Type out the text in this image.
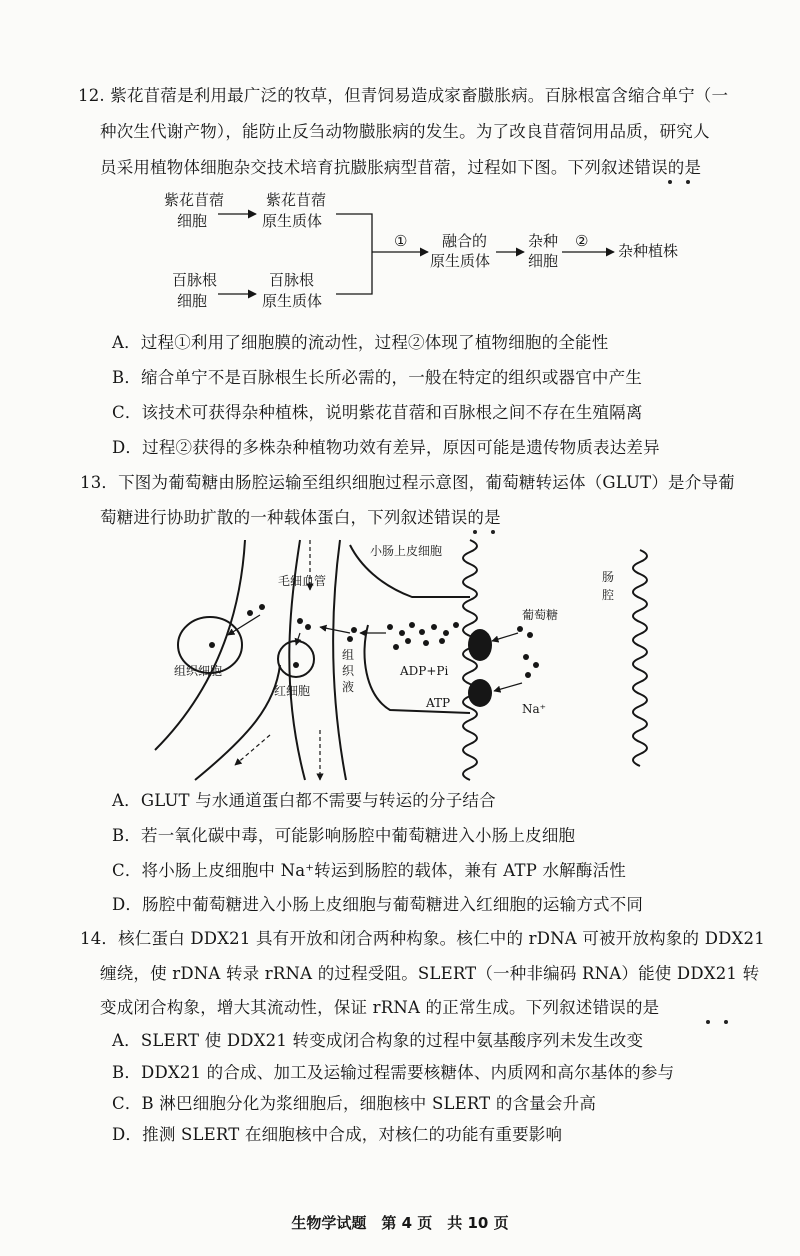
12. 紫花苜蓿是利用最广泛的牧草，但青饲易造成家畜臌胀病。百脉根富含缩合单宁（一
种次生代谢产物），能防止反刍动物臌胀病的发生。为了改良苜蓿饲用品质，研究人
员采用植物体细胞杂交技术培育抗臌胀病型苜蓿，过程如下图。下列叙述错误的是
紫花苜蓿
细胞
紫花苜蓿
原生质体
百脉根
细胞
百脉根
原生质体
① 融合的
原生质体
杂种
细胞
②
杂种植株
A．过程①利用了细胞膜的流动性，过程②体现了植物细胞的全能性
B．缩合单宁不是百脉根生长所必需的，一般在特定的组织或器官中产生
C．该技术可获得杂种植株，说明紫花苜蓿和百脉根之间不存在生殖隔离
D．过程②获得的多株杂种植物功效有差异，原因可能是遗传物质表达差异
13．下图为葡萄糖由肠腔运输至组织细胞过程示意图，葡萄糖转运体（GLUT）是介导葡
萄糖进行协助扩散的一种载体蛋白，下列叙述错误的是
小肠上皮细胞
毛细血管	肠
腔
葡萄糖
组
织
液
组织细胞
红细胞
ADP+Pi
ATP	Na⁺
A．GLUT 与水通道蛋白都不需要与转运的分子结合
B．若一氧化碳中毒，可能影响肠腔中葡萄糖进入小肠上皮细胞
C．将小肠上皮细胞中 Na⁺转运到肠腔的载体，兼有 ATP 水解酶活性
D．肠腔中葡萄糖进入小肠上皮细胞与葡萄糖进入红细胞的运输方式不同
14．核仁蛋白 DDX21 具有开放和闭合两种构象。核仁中的 rDNA 可被开放构象的 DDX21
缠绕，使 rDNA 转录 rRNA 的过程受阻。SLERT（一种非编码 RNA）能使 DDX21 转
变成闭合构象，增大其流动性，保证 rRNA 的正常生成。下列叙述错误的是
A．SLERT 使 DDX21 转变成闭合构象的过程中氨基酸序列未发生改变
B．DDX21 的合成、加工及运输过程需要核糖体、内质网和高尔基体的参与
C．B 淋巴细胞分化为浆细胞后，细胞核中 SLERT 的含量会升高
D．推测 SLERT 在细胞核中合成，对核仁的功能有重要影响
生物学试题　第 4 页　共 10 页
